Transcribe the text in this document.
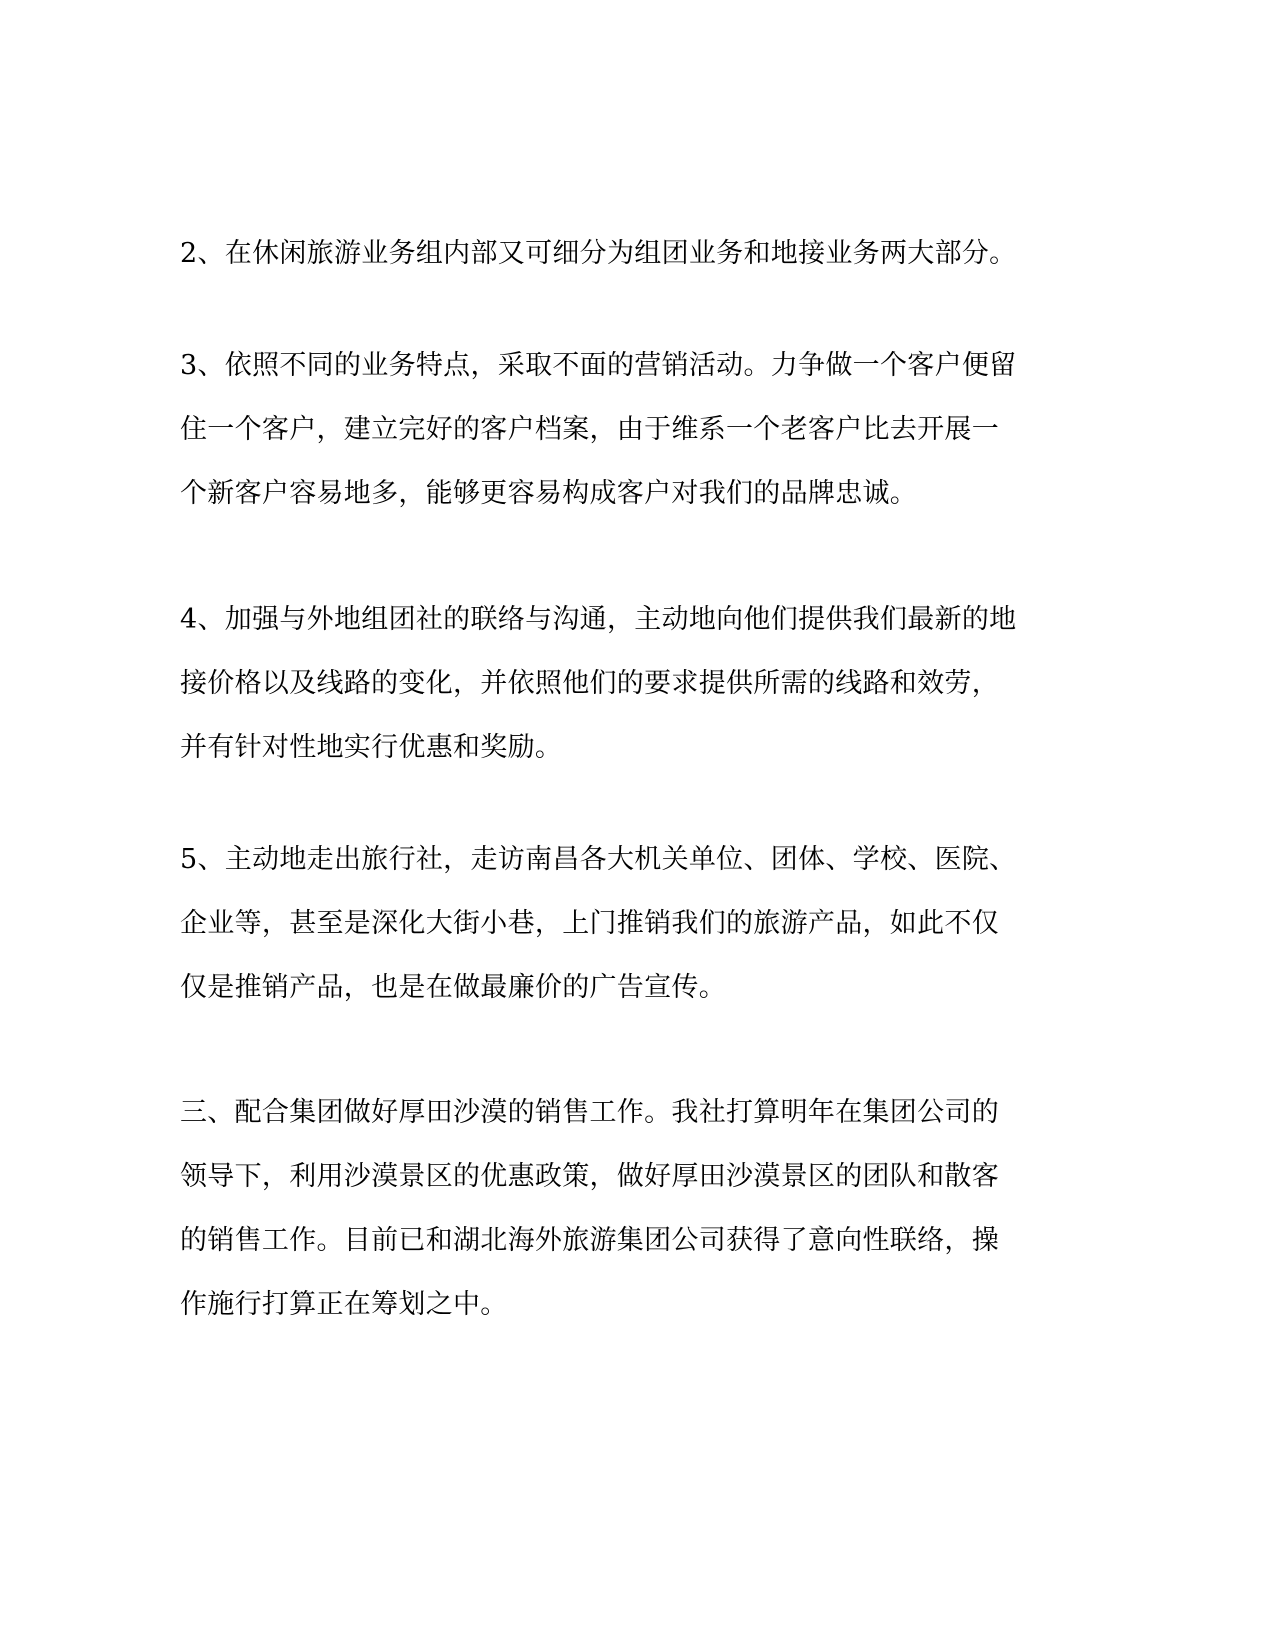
2、在休闲旅游业务组内部又可细分为组团业务和地接业务两大部分。
3、依照不同的业务特点，采取不面的营销活动。力争做一个客户便留
住一个客户，建立完好的客户档案，由于维系一个老客户比去开展一
个新客户容易地多，能够更容易构成客户对我们的品牌忠诚。
4、加强与外地组团社的联络与沟通，主动地向他们提供我们最新的地
接价格以及线路的变化，并依照他们的要求提供所需的线路和效劳，
并有针对性地实行优惠和奖励。
5、主动地走出旅行社，走访南昌各大机关单位、团体、学校、医院、
企业等，甚至是深化大街小巷，上门推销我们的旅游产品，如此不仅
仅是推销产品，也是在做最廉价的广告宣传。
三、配合集团做好厚田沙漠的销售工作。我社打算明年在集团公司的
领导下，利用沙漠景区的优惠政策，做好厚田沙漠景区的团队和散客
的销售工作。目前已和湖北海外旅游集团公司获得了意向性联络，操
作施行打算正在筹划之中。
